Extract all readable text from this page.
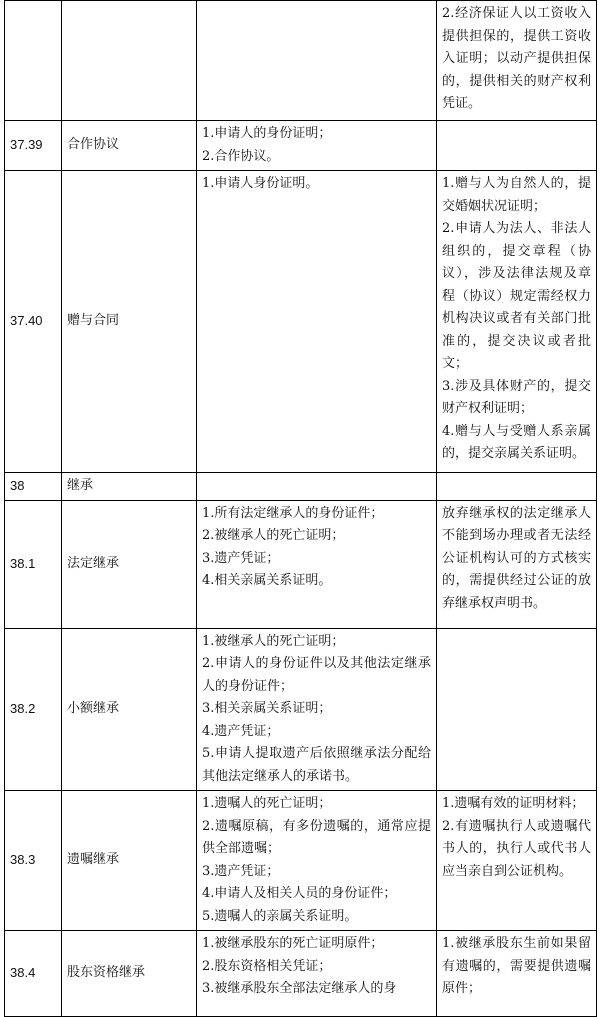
			2.经济保证人以工资收入提供担保的，提供工资收入证明；以动产提供担保的，提供相关的财产权利凭证。

37.39	合作协议	1.申请人的身份证明；
2.合作协议。	

37.40	赠与合同	1.申请人身份证明。	1.赠与人为自然人的，提交婚姻状况证明；
2.申请人为法人、非法人组织的，提交章程（协议），涉及法律法规及章程（协议）规定需经权力机构决议或者有关部门批准的，提交决议或者批文；
3.涉及具体财产的，提交财产权利证明；
4.赠与人与受赠人系亲属的，提交亲属关系证明。

38	继承		
38.1	法定继承	1.所有法定继承人的身份证件；
2.被继承人的死亡证明；
3.遗产凭证；
4.相关亲属关系证明。	放弃继承权的法定继承人不能到场办理或者无法经公证机构认可的方式核实的，需提供经过公证的放弃继承权声明书。

38.2	小额继承	1.被继承人的死亡证明；
2.申请人的身份证件以及其他法定继承人的身份证件；
3.相关亲属关系证明；
4.遗产凭证；
5.申请人提取遗产后依照继承法分配给其他法定继承人的承诺书。	

38.3	遗嘱继承	1.遗嘱人的死亡证明；
2.遗嘱原稿，有多份遗嘱的，通常应提供全部遗嘱；
3.遗产凭证；
4.申请人及相关人员的身份证件；
5.遗嘱人的亲属关系证明。	1.遗嘱有效的证明材料；
2.有遗嘱执行人或遗嘱代书人的，执行人或代书人应当亲自到公证机构。

38.4	股东资格继承	1.被继承股东的死亡证明原件；
2.股东资格相关凭证；
3.被继承股东全部法定继承人的身	1.被继承股东生前如果留有遗嘱的，需要提供遗嘱原件；
